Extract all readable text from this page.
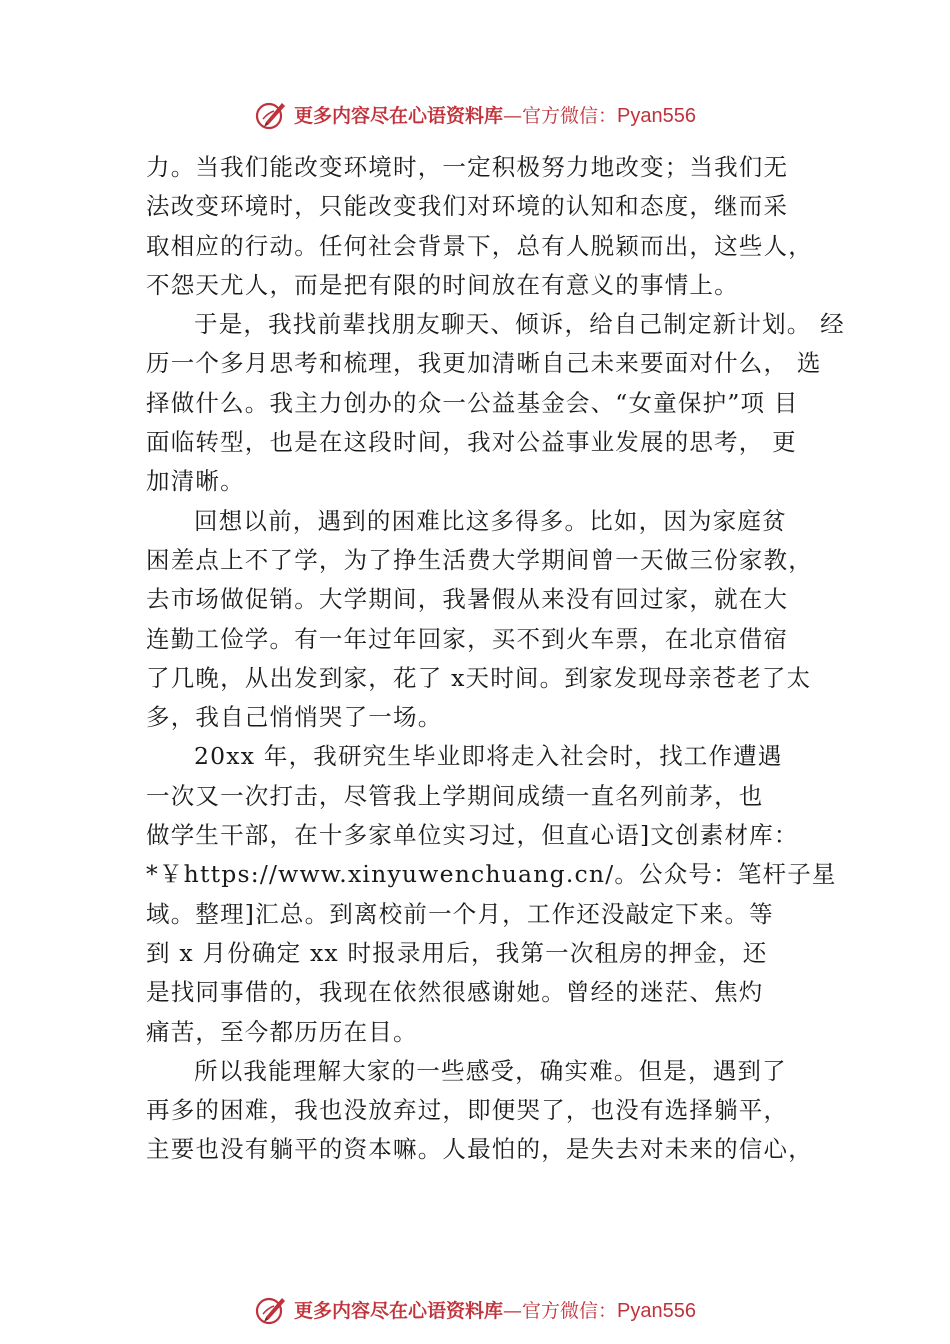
更多内容尽在心语资料库—官方微信：Pyan556
力。当我们能改变环境时，一定积极努力地改变；当我们无
法改变环境时，只能改变我们对环境的认知和态度，继而采
取相应的行动。任何社会背景下，总有人脱颖而出，这些人，
不怨天尤人，而是把有限的时间放在有意义的事情上。
于是，我找前辈找朋友聊天、倾诉，给自己制定新计划。 经
历一个多月思考和梳理，我更加清晰自己未来要面对什么， 选
择做什么。我主力创办的众一公益基金会、“女童保护”项 目
面临转型，也是在这段时间，我对公益事业发展的思考， 更
加清晰。
回想以前，遇到的困难比这多得多。比如，因为家庭贫
困差点上不了学，为了挣生活费大学期间曾一天做三份家教，
去市场做促销。大学期间，我暑假从来没有回过家，就在大
连勤工俭学。有一年过年回家，买不到火车票，在北京借宿
了几晚，从出发到家，花了 x天时间。到家发现母亲苍老了太
多，我自己悄悄哭了一场。
20xx 年，我研究生毕业即将走入社会时，找工作遭遇
一次又一次打击，尽管我上学期间成绩一直名列前茅，也
做学生干部，在十多家单位实习过，但直心语]文创素材库：
*￥https://www.xinyuwenchuang.cn/。公众号：笔杆子星
域。整理]汇总。到离校前一个月，工作还没敲定下来。等
到 x 月份确定 xx 时报录用后，我第一次租房的押金，还
是找同事借的，我现在依然很感谢她。曾经的迷茫、焦灼
痛苦，至今都历历在目。
所以我能理解大家的一些感受，确实难。但是，遇到了
再多的困难，我也没放弃过，即便哭了，也没有选择躺平，
主要也没有躺平的资本嘛。人最怕的，是失去对未来的信心，
更多内容尽在心语资料库—官方微信：Pyan556
